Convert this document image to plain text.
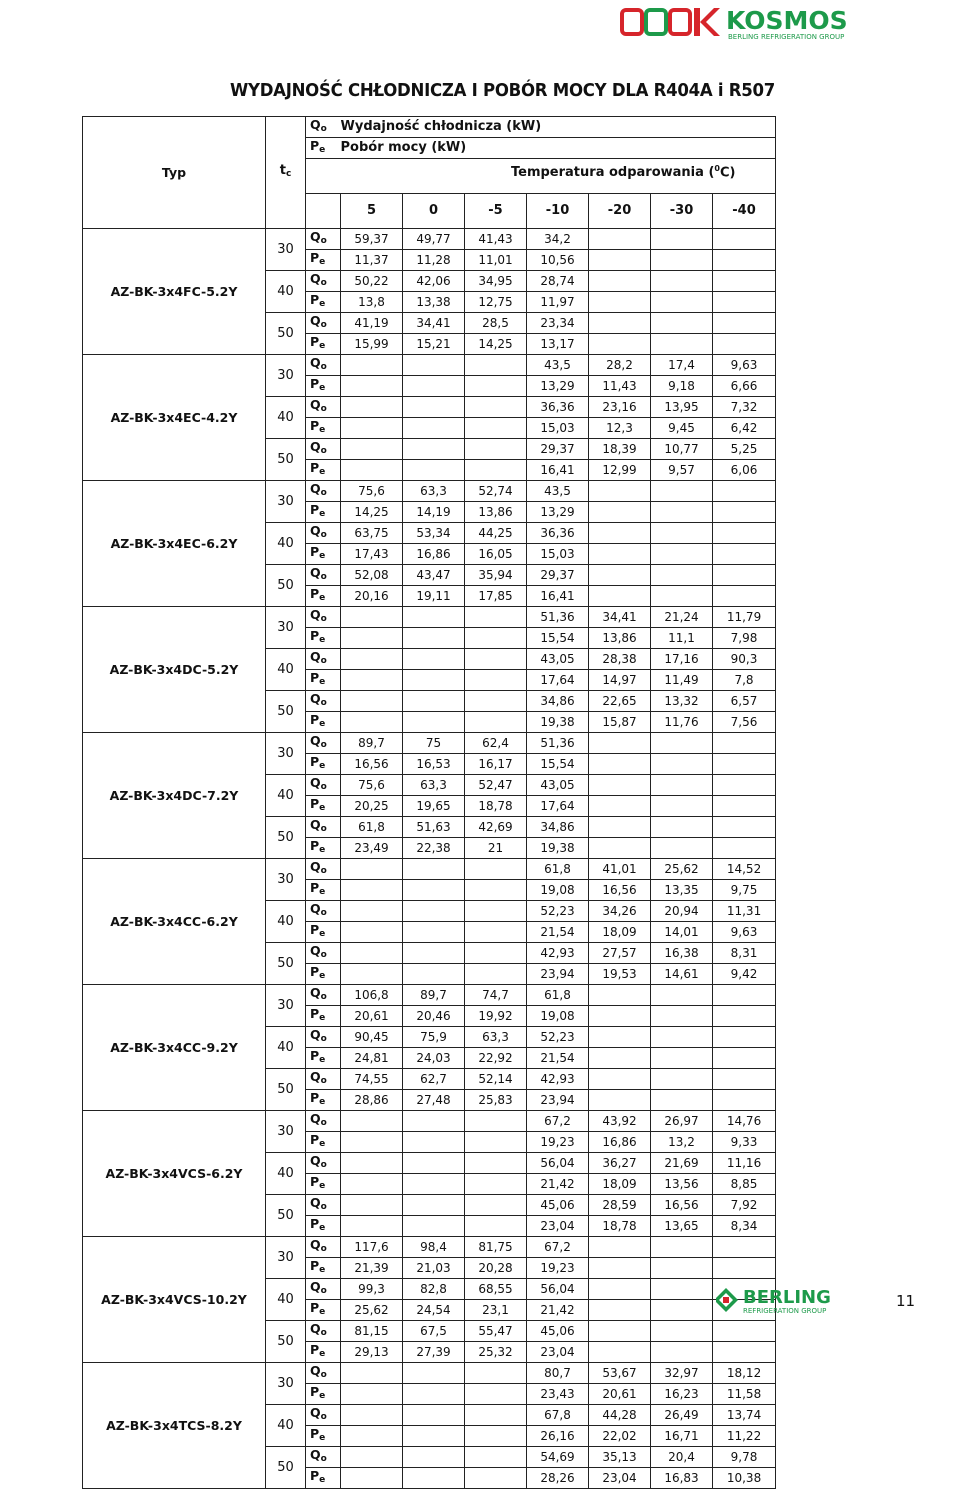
KOSMOS
BERLING REFRIGERATION GROUP
WYDAJNOŚĆ CHŁODNICZA I POBÓR MOCY DLA R404A i R507
Typ	$t_c$	$Q_o$	Wydajność chłodnicza (kW)						
		$P_e$	Pobór mocy (kW)						
		Temperatura odparowania ($^0$C)							
			5	0	-5	-10	-20	-30	-40
AZ-BK-3x4FC-5.2Y	30	$Q_o$	59,37	49,77	41,43	34,2			
		$P_e$	11,37	11,28	11,01	10,56			
	40	$Q_o$	50,22	42,06	34,95	28,74			
		$P_e$	13,8	13,38	12,75	11,97			
	50	$Q_o$	41,19	34,41	28,5	23,34			
		$P_e$	15,99	15,21	14,25	13,17			
AZ-BK-3x4EC-4.2Y	30	$Q_o$				43,5	28,2	17,4	9,63
		$P_e$				13,29	11,43	9,18	6,66
	40	$Q_o$				36,36	23,16	13,95	7,32
		$P_e$				15,03	12,3	9,45	6,42
	50	$Q_o$				29,37	18,39	10,77	5,25
		$P_e$				16,41	12,99	9,57	6,06
AZ-BK-3x4EC-6.2Y	30	$Q_o$	75,6	63,3	52,74	43,5			
		$P_e$	14,25	14,19	13,86	13,29			
	40	$Q_o$	63,75	53,34	44,25	36,36			
		$P_e$	17,43	16,86	16,05	15,03			
	50	$Q_o$	52,08	43,47	35,94	29,37			
		$P_e$	20,16	19,11	17,85	16,41			
AZ-BK-3x4DC-5.2Y	30	$Q_o$				51,36	34,41	21,24	11,79
		$P_e$				15,54	13,86	11,1	7,98
	40	$Q_o$				43,05	28,38	17,16	90,3
		$P_e$				17,64	14,97	11,49	7,8
	50	$Q_o$				34,86	22,65	13,32	6,57
		$P_e$				19,38	15,87	11,76	7,56
AZ-BK-3x4DC-7.2Y	30	$Q_o$	89,7	75	62,4	51,36			
		$P_e$	16,56	16,53	16,17	15,54			
	40	$Q_o$	75,6	63,3	52,47	43,05			
		$P_e$	20,25	19,65	18,78	17,64			
	50	$Q_o$	61,8	51,63	42,69	34,86			
		$P_e$	23,49	22,38	21	19,38			
AZ-BK-3x4CC-6.2Y	30	$Q_o$				61,8	41,01	25,62	14,52
		$P_e$				19,08	16,56	13,35	9,75
	40	$Q_o$				52,23	34,26	20,94	11,31
		$P_e$				21,54	18,09	14,01	9,63
	50	$Q_o$				42,93	27,57	16,38	8,31
		$P_e$				23,94	19,53	14,61	9,42
AZ-BK-3x4CC-9.2Y	30	$Q_o$	106,8	89,7	74,7	61,8			
		$P_e$	20,61	20,46	19,92	19,08			
	40	$Q_o$	90,45	75,9	63,3	52,23			
		$P_e$	24,81	24,03	22,92	21,54			
	50	$Q_o$	74,55	62,7	52,14	42,93			
		$P_e$	28,86	27,48	25,83	23,94			
AZ-BK-3x4VCS-6.2Y	30	$Q_o$				67,2	43,92	26,97	14,76
		$P_e$				19,23	16,86	13,2	9,33
	40	$Q_o$				56,04	36,27	21,69	11,16
		$P_e$				21,42	18,09	13,56	8,85
	50	$Q_o$				45,06	28,59	16,56	7,92
		$P_e$				23,04	18,78	13,65	8,34
AZ-BK-3x4VCS-10.2Y	30	$Q_o$	117,6	98,4	81,75	67,2			
		$P_e$	21,39	21,03	20,28	19,23			
	40	$Q_o$	99,3	82,8	68,55	56,04			
		$P_e$	25,62	24,54	23,1	21,42			
	50	$Q_o$	81,15	67,5	55,47	45,06			
		$P_e$	29,13	27,39	25,32	23,04			
AZ-BK-3x4TCS-8.2Y	30	$Q_o$				80,7	53,67	32,97	18,12
		$P_e$				23,43	20,61	16,23	11,58
	40	$Q_o$				67,8	44,28	26,49	13,74
		$P_e$				26,16	22,02	16,71	11,22
	50	$Q_o$				54,69	35,13	20,4	9,78
		$P_e$				28,26	23,04	16,83	10,38
BERLING
REFRIGERATION GROUP
11
